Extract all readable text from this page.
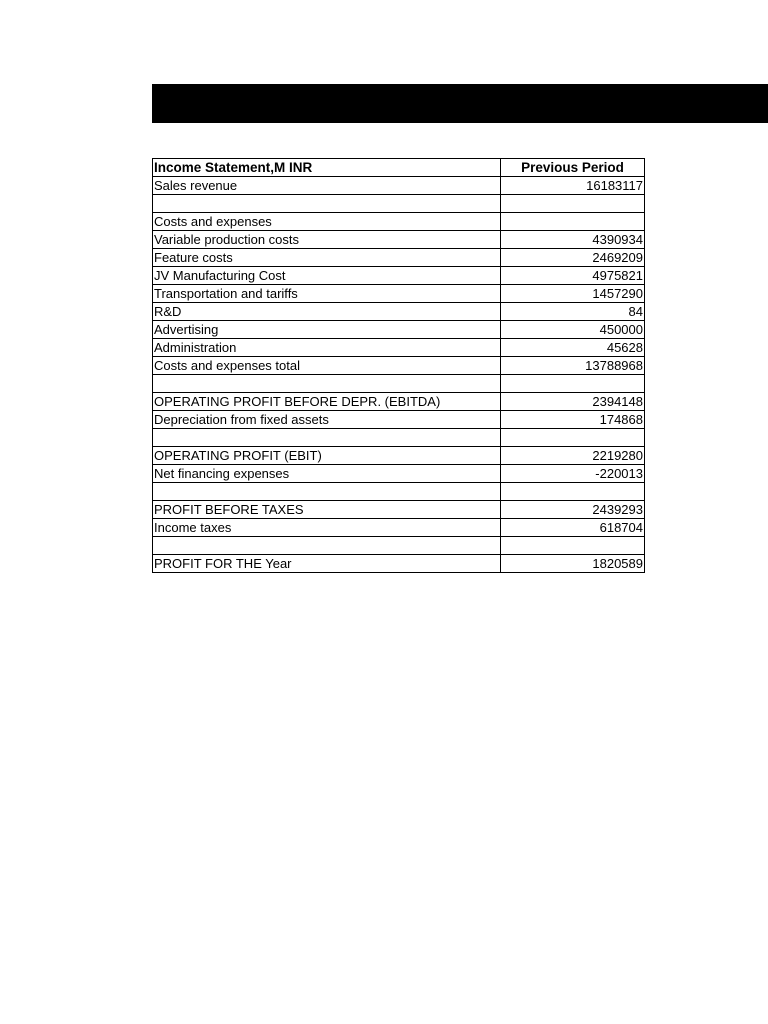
Income Statement,M INR	Previous Period
Sales revenue	16183117

Costs and expenses	
Variable production costs	4390934
Feature costs	2469209
JV Manufacturing Cost	4975821
Transportation and tariffs	1457290
R&D	84
Advertising	450000
Administration	45628
Costs and expenses total	13788968

OPERATING PROFIT BEFORE DEPR. (EBITDA)	2394148
Depreciation from fixed assets	174868

OPERATING PROFIT (EBIT)	2219280
Net financing expenses	-220013

PROFIT BEFORE TAXES	2439293
Income taxes	618704

PROFIT FOR THE Year	1820589
